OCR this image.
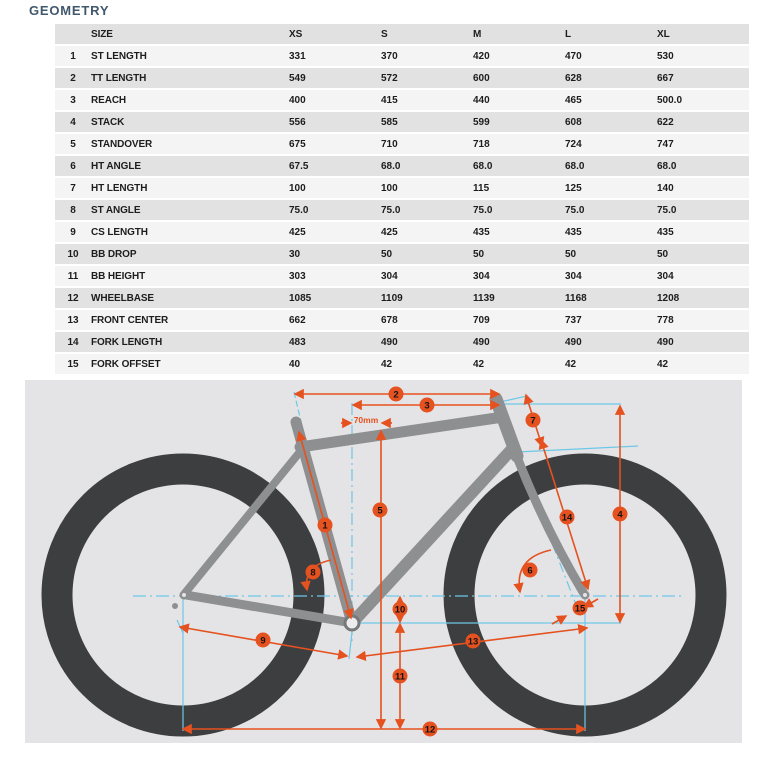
GEOMETRY
	SIZE	XS	S	M	L	XL
1	ST LENGTH	331	370	420	470	530
2	TT LENGTH	549	572	600	628	667
3	REACH	400	415	440	465	500.0
4	STACK	556	585	599	608	622
5	STANDOVER	675	710	718	724	747
6	HT ANGLE	67.5	68.0	68.0	68.0	68.0
7	HT LENGTH	100	100	115	125	140
8	ST ANGLE	75.0	75.0	75.0	75.0	75.0
9	CS LENGTH	425	425	435	435	435
10	BB DROP	30	50	50	50	50
11	BB HEIGHT	303	304	304	304	304
12	WHEELBASE	1085	1109	1139	1168	1208
13	FRONT CENTER	662	678	709	737	778
14	FORK LENGTH	483	490	490	490	490
15	FORK OFFSET	40	42	42	42	42
70mm
1
2
3
4
5
6
7
8
9
10
11
12
13
14
15
